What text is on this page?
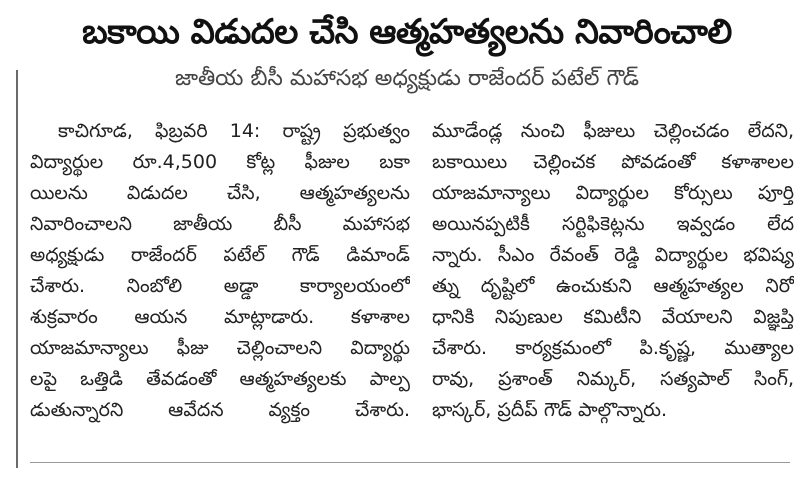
బకాయి విడుదల చేసి ఆత్మహత్యలను నివారించాలి
జాతీయ బీసీ మహాసభ అధ్యక్షుడు రాజేందర్ పటేల్ గౌడ్
కాచిగూడ, ఫిబ్రవరి 14: రాష్ట్ర ప్రభుత్వం
విద్యార్థుల రూ.4,500 కోట్ల ఫీజుల బకా
యిలను విడుదల చేసి, ఆత్మహత్యలను
నివారించాలని జాతీయ బీసీ మహాసభ
అధ్యక్షుడు రాజేందర్ పటేల్ గౌడ్ డిమాండ్
చేశారు. నింబోలి అడ్డా కార్యాలయంలో
శుక్రవారం ఆయన మాట్లాడారు. కళాశాల
యాజమాన్యాలు ఫీజు చెల్లించాలని విద్యార్థు
లపై ఒత్తిడి తేవడంతో ఆత్మహత్యలకు పాల్ప
డుతున్నారని ఆవేదన వ్యక్తం చేశారు.
మూడేండ్ల నుంచి ఫీజులు చెల్లించడం లేదని,
బకాయిలు చెల్లించక పోవడంతో కళాశాలల
యాజమాన్యాలు విద్యార్థుల కోర్సులు పూర్తి
అయినప్పటికీ సర్టిఫికెట్లను ఇవ్వడం లేద
న్నారు. సీఎం రేవంత్ రెడ్డి విద్యార్థుల భవిష్య
త్ను దృష్టిలో ఉంచుకుని ఆత్మహత్యల నిరో
ధానికి నిపుణుల కమిటీని వేయాలని విజ్ఞప్తి
చేశారు. కార్యక్రమంలో పి.కృష్ణ, ముత్యాల
రావు, ప్రశాంత్ నిమ్కర్, సత్యపాల్ సింగ్,
భాస్కర్, ప్రదీప్ గౌడ్ పాల్గొన్నారు.
